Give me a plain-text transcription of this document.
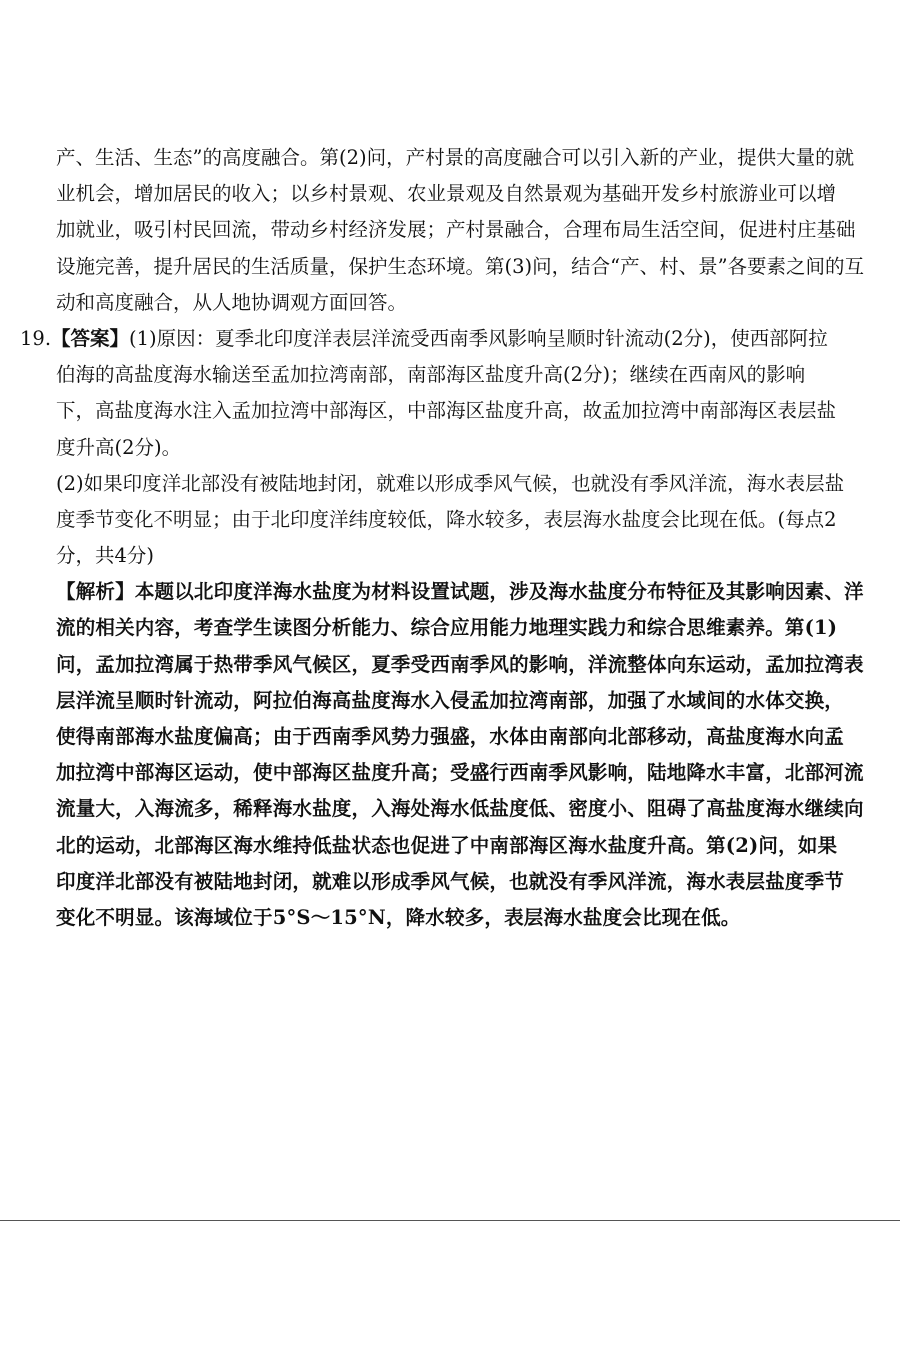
产、生活、生态”的高度融合。第(2)问，产村景的高度融合可以引入新的产业，提供大量的就
业机会，增加居民的收入；以乡村景观、农业景观及自然景观为基础开发乡村旅游业可以增
加就业，吸引村民回流，带动乡村经济发展；产村景融合，合理布局生活空间，促进村庄基础
设施完善，提升居民的生活质量，保护生态环境。第(3)问，结合“产、村、景”各要素之间的互
动和高度融合，从人地协调观方面回答。
19.【答案】(1)原因：夏季北印度洋表层洋流受西南季风影响呈顺时针流动(2分)，使西部阿拉
伯海的高盐度海水输送至孟加拉湾南部，南部海区盐度升高(2分)；继续在西南风的影响
下，高盐度海水注入孟加拉湾中部海区，中部海区盐度升高，故孟加拉湾中南部海区表层盐
度升高(2分)。
(2)如果印度洋北部没有被陆地封闭，就难以形成季风气候，也就没有季风洋流，海水表层盐
度季节变化不明显；由于北印度洋纬度较低，降水较多，表层海水盐度会比现在低。(每点2
分，共4分)
【解析】本题以北印度洋海水盐度为材料设置试题，涉及海水盐度分布特征及其影响因素、洋
流的相关内容，考查学生读图分析能力、综合应用能力地理实践力和综合思维素养。第(1)
问，孟加拉湾属于热带季风气候区，夏季受西南季风的影响，洋流整体向东运动，孟加拉湾表
层洋流呈顺时针流动，阿拉伯海高盐度海水入侵孟加拉湾南部，加强了水域间的水体交换，
使得南部海水盐度偏高；由于西南季风势力强盛，水体由南部向北部移动，高盐度海水向孟
加拉湾中部海区运动，使中部海区盐度升高；受盛行西南季风影响，陆地降水丰富，北部河流
流量大，入海流多，稀释海水盐度，入海处海水低盐度低、密度小、阻碍了高盐度海水继续向
北的运动，北部海区海水维持低盐状态也促进了中南部海区海水盐度升高。第(2)问，如果
印度洋北部没有被陆地封闭，就难以形成季风气候，也就没有季风洋流，海水表层盐度季节
变化不明显。该海域位于5°S～15°N，降水较多，表层海水盐度会比现在低。
